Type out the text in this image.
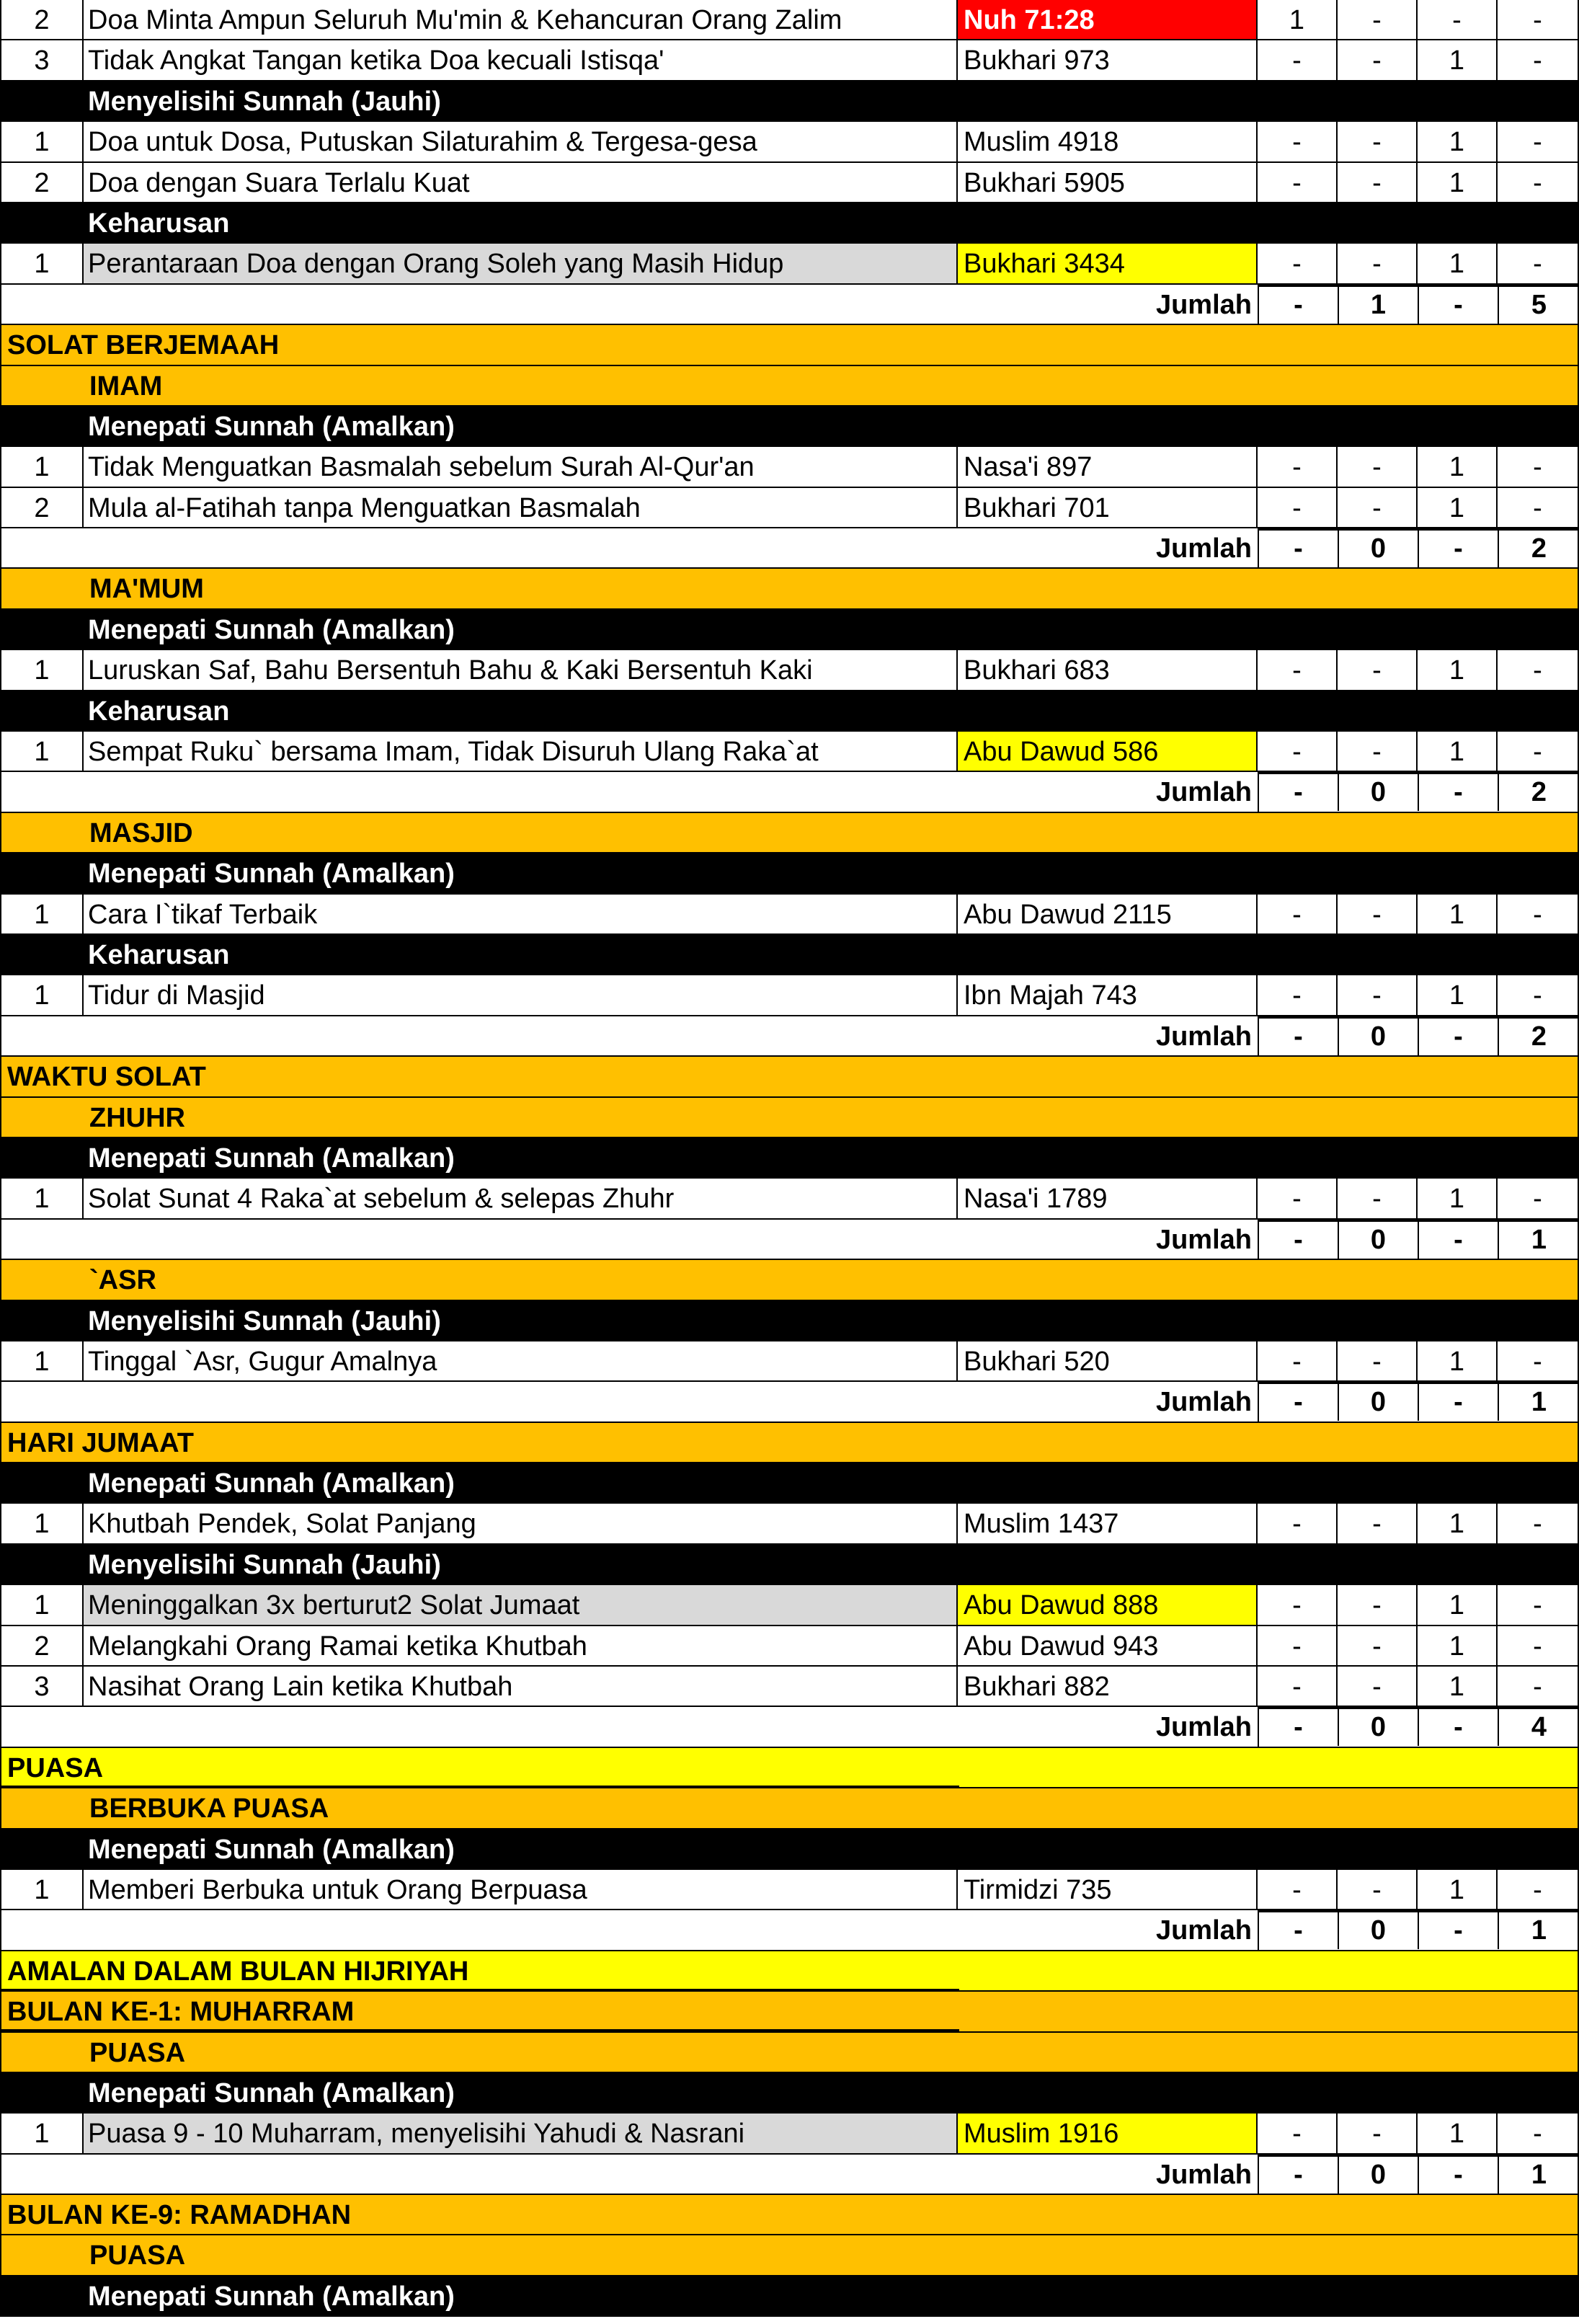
2	Doa Minta Ampun Seluruh Mu'min & Kehancuran Orang Zalim	Nuh 71:28	1	-	-	-
3	Tidak Angkat Tangan ketika Doa kecuali Istisqa'	Bukhari 973	-	-	1	-
Menyelisihi Sunnah (Jauhi)
1	Doa untuk Dosa, Putuskan Silaturahim & Tergesa-gesa	Muslim 4918	-	-	1	-
2	Doa dengan Suara Terlalu Kuat	Bukhari 5905	-	-	1	-
Keharusan
1	Perantaraan Doa dengan Orang Soleh yang Masih Hidup	Bukhari 3434	-	-	1	-
Jumlah	-	1	-	5
SOLAT BERJEMAAH
IMAM
Menepati Sunnah (Amalkan)
1	Tidak Menguatkan Basmalah sebelum Surah Al-Qur'an	Nasa'i 897	-	-	1	-
2	Mula al-Fatihah tanpa Menguatkan Basmalah	Bukhari 701	-	-	1	-
Jumlah	-	0	-	2
MA'MUM
Menepati Sunnah (Amalkan)
1	Luruskan Saf, Bahu Bersentuh Bahu & Kaki Bersentuh Kaki	Bukhari 683	-	-	1	-
Keharusan
1	Sempat Ruku` bersama Imam, Tidak Disuruh Ulang Raka`at	Abu Dawud 586	-	-	1	-
Jumlah	-	0	-	2
MASJID
Menepati Sunnah (Amalkan)
1	Cara I`tikaf Terbaik	Abu Dawud 2115	-	-	1	-
Keharusan
1	Tidur di Masjid	Ibn Majah 743	-	-	1	-
Jumlah	-	0	-	2
WAKTU SOLAT
ZHUHR
Menepati Sunnah (Amalkan)
1	Solat Sunat 4 Raka`at sebelum & selepas Zhuhr	Nasa'i 1789	-	-	1	-
Jumlah	-	0	-	1
`ASR
Menyelisihi Sunnah (Jauhi)
1	Tinggal `Asr, Gugur Amalnya	Bukhari 520	-	-	1	-
Jumlah	-	0	-	1
HARI JUMAAT
Menepati Sunnah (Amalkan)
1	Khutbah Pendek, Solat Panjang	Muslim 1437	-	-	1	-
Menyelisihi Sunnah (Jauhi)
1	Meninggalkan 3x berturut2 Solat Jumaat	Abu Dawud 888	-	-	1	-
2	Melangkahi Orang Ramai ketika Khutbah	Abu Dawud 943	-	-	1	-
3	Nasihat Orang Lain ketika Khutbah	Bukhari 882	-	-	1	-
Jumlah	-	0	-	4
PUASA
BERBUKA PUASA
Menepati Sunnah (Amalkan)
1	Memberi Berbuka untuk Orang Berpuasa	Tirmidzi 735	-	-	1	-
Jumlah	-	0	-	1
AMALAN DALAM BULAN HIJRIYAH
BULAN KE-1: MUHARRAM
PUASA
Menepati Sunnah (Amalkan)
1	Puasa 9 - 10 Muharram, menyelisihi Yahudi & Nasrani	Muslim 1916	-	-	1	-
Jumlah	-	0	-	1
BULAN KE-9: RAMADHAN
PUASA
Menepati Sunnah (Amalkan)
